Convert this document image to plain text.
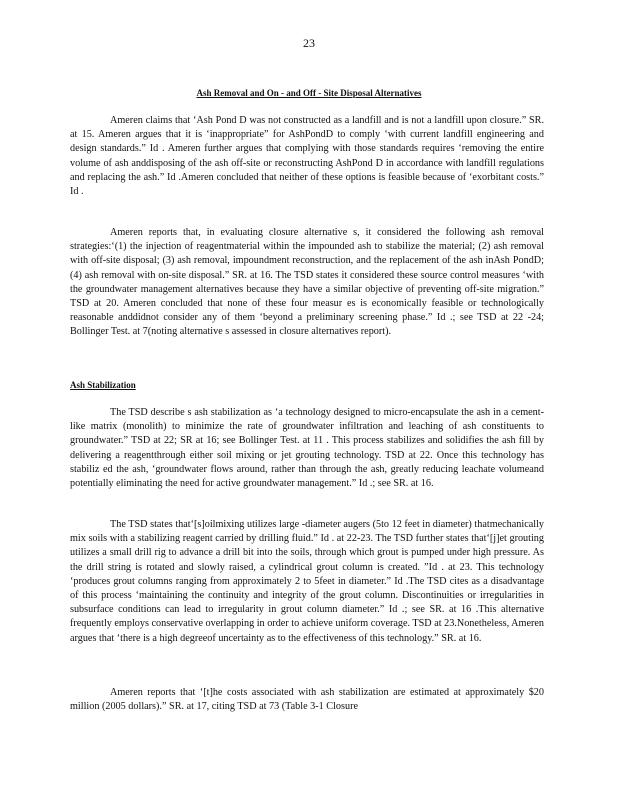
23
Ash Removal and On - and Off - Site Disposal Alternatives

Ameren claims that ‘Ash Pond D was not constructed as a landfill and is not a landfill upon closure.” SR. at 15. Ameren argues that it is ‘inappropriate” for AshPondD to comply ‘with current landfill engineering and design standards.” Id . Ameren further argues that complying with those standards requires ‘removing the entire volume of ash anddisposing of the ash off-site or reconstructing AshPond D in accordance with landfill regulations and replacing the ash.” Id .Ameren concluded that neither of these options is feasible because of ‘exorbitant costs.” Id .

Ameren reports that, in evaluating closure alternative s, it considered the following ash removal strategies:‘(1) the injection of reagentmaterial within the impounded ash to stabilize the material; (2) ash removal with off-site disposal; (3) ash removal, impoundment reconstruction, and the replacement of the ash inAsh PondD; (4) ash removal with on-site disposal.” SR. at 16. The TSD states it considered these source control measures ‘with the groundwater management alternatives because they have a similar objective of preventing off-site migration.” TSD at 20. Ameren concluded that none of these four measur es is economically feasible or technologically reasonable anddidnot consider any of them ‘beyond a preliminary screening phase.” Id .; see TSD at 22 -24; Bollinger Test. at 7(noting alternative s assessed in closure alternatives report).

Ash Stabilization

The TSD describe s ash stabilization as ‘a technology designed to micro-encapsulate the ash in a cement-like matrix (monolith) to minimize the rate of groundwater infiltration and leaching of ash constituents to groundwater.” TSD at 22; SR at 16; see Bollinger Test. at 11 . This process stabilizes and solidifies the ash fill by delivering a reagentthrough either soil mixing or jet grouting technology. TSD at 22. Once this technology has stabiliz ed the ash, ‘groundwater flows around, rather than through the ash, greatly reducing leachate volumeand potentially eliminating the need for active groundwater management.” Id .; see SR. at 16.

The TSD states that‘[s]oilmixing utilizes large -diameter augers (5to 12 feet in diameter) thatmechanically mix soils with a stabilizing reagent carried by drilling fluid.” Id . at 22-23. The TSD further states that‘[j]et grouting utilizes a small drill rig to advance a drill bit into the soils, through which grout is pumped under high pressure. As the drill string is rotated and slowly raised, a cylindrical grout column is created. ”Id . at 23. This technology ‘produces grout columns ranging from approximately 2 to 5feet in diameter.” Id .The TSD cites as a disadvantage of this process ‘maintaining the continuity and integrity of the grout column. Discontinuities or irregularities in subsurface conditions can lead to irregularity in grout column diameter.” Id .; see SR. at 16 .This alternative frequently employs conservative overlapping in order to achieve uniform coverage. TSD at 23.Nonetheless, Ameren argues that ‘there is a high degreeof uncertainty as to the effectiveness of this technology.” SR. at 16.

Ameren reports that ‘[t]he costs associated with ash stabilization are estimated at approximately $20 million (2005 dollars).” SR. at 17, citing TSD at 73 (Table 3-1 Closure
